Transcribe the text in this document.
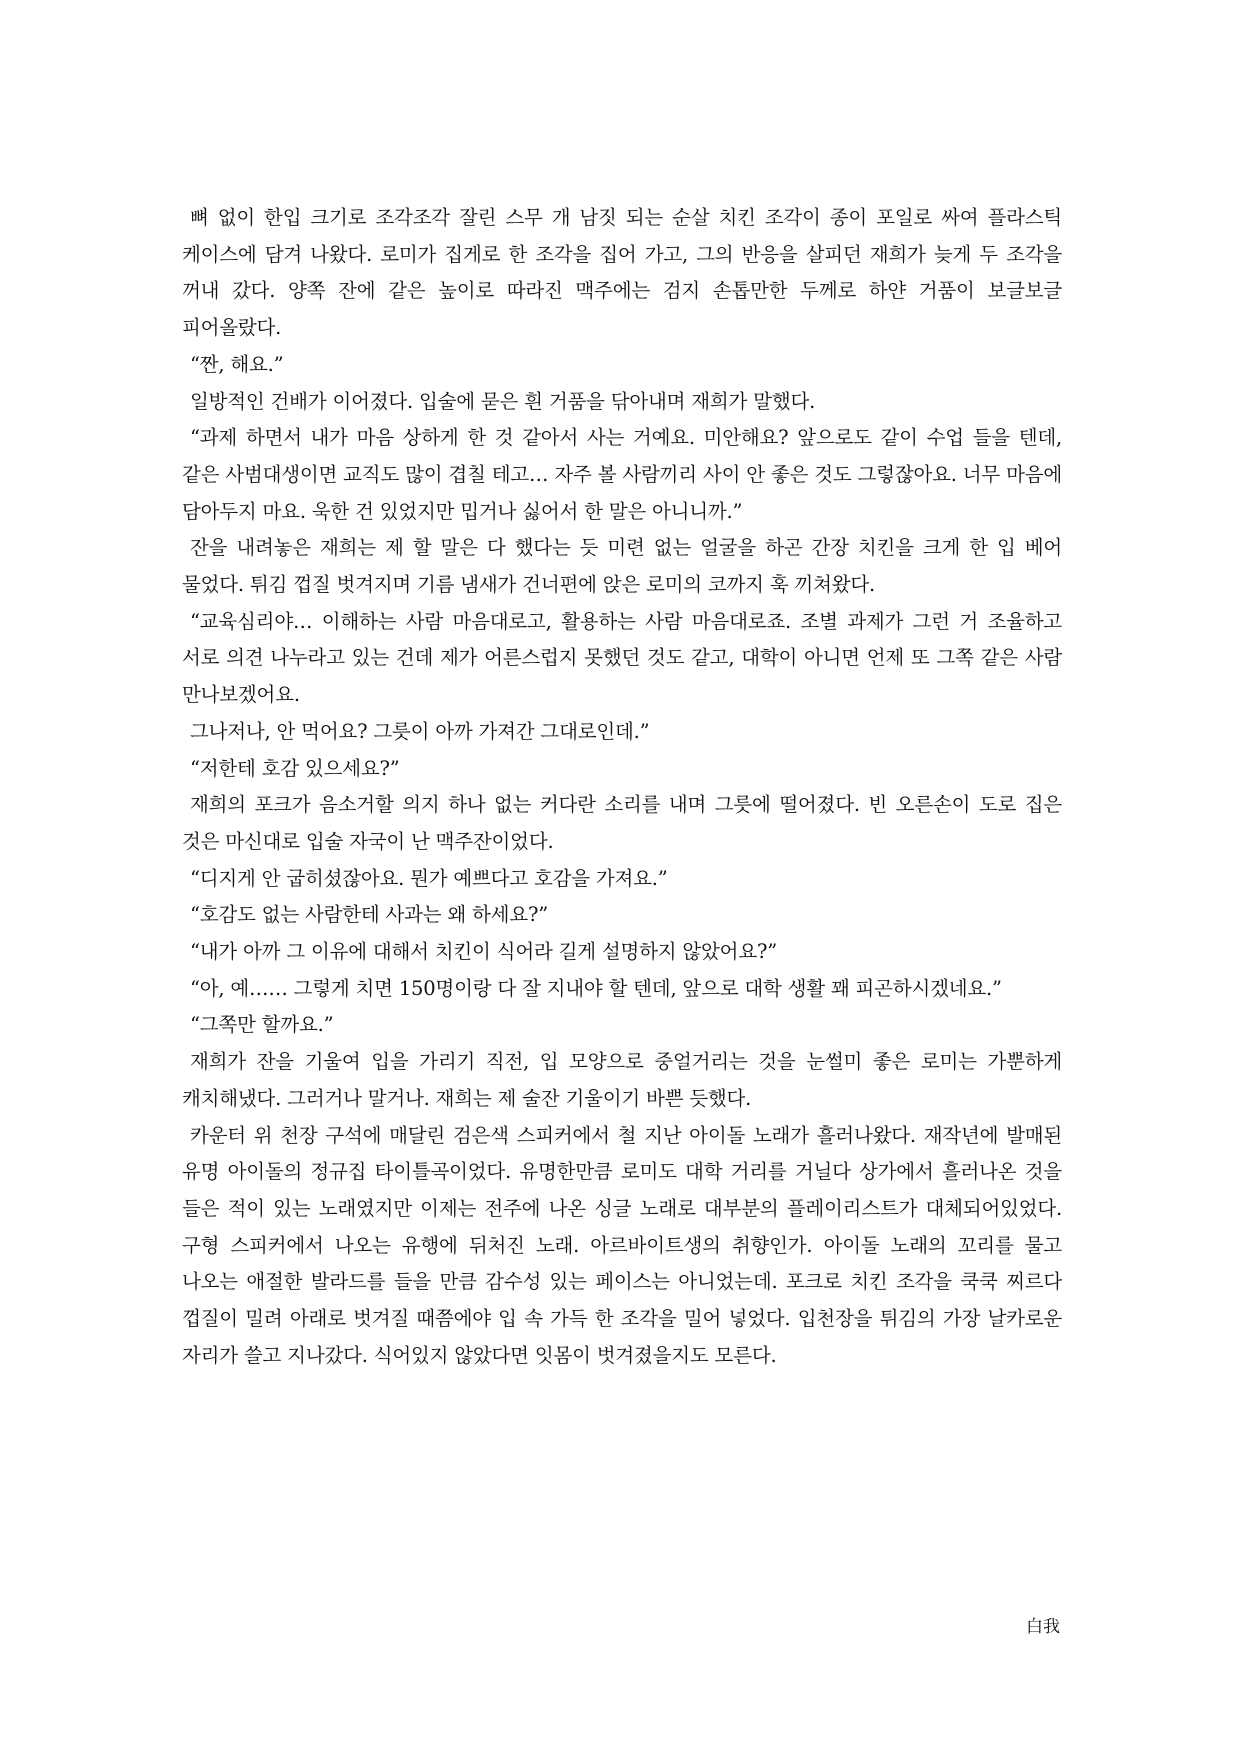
뼈 없이 한입 크기로 조각조각 잘린 스무 개 남짓 되는 순살 치킨 조각이 종이 포일로 싸여 플라스틱 케이스에 담겨 나왔다. 로미가 집게로 한 조각을 집어 가고, 그의 반응을 살피던 재희가 늦게 두 조각을 꺼내 갔다. 양쪽 잔에 같은 높이로 따라진 맥주에는 검지 손톱만한 두께로 하얀 거품이 보글보글 피어올랐다.

“짠, 해요.”

일방적인 건배가 이어졌다. 입술에 묻은 흰 거품을 닦아내며 재희가 말했다.

“과제 하면서 내가 마음 상하게 한 것 같아서 사는 거예요. 미안해요? 앞으로도 같이 수업 들을 텐데, 같은 사범대생이면 교직도 많이 겹칠 테고… 자주 볼 사람끼리 사이 안 좋은 것도 그렇잖아요. 너무 마음에 담아두지 마요. 욱한 건 있었지만 밉거나 싫어서 한 말은 아니니까.”

잔을 내려놓은 재희는 제 할 말은 다 했다는 듯 미련 없는 얼굴을 하곤 간장 치킨을 크게 한 입 베어 물었다. 튀김 껍질 벗겨지며 기름 냄새가 건너편에 앉은 로미의 코까지 훅 끼쳐왔다.

“교육심리야… 이해하는 사람 마음대로고, 활용하는 사람 마음대로죠. 조별 과제가 그런 거 조율하고 서로 의견 나누라고 있는 건데 제가 어른스럽지 못했던 것도 같고, 대학이 아니면 언제 또 그쪽 같은 사람 만나보겠어요.

그나저나, 안 먹어요? 그릇이 아까 가져간 그대로인데.”

“저한테 호감 있으세요?”

재희의 포크가 음소거할 의지 하나 없는 커다란 소리를 내며 그릇에 떨어졌다. 빈 오른손이 도로 집은 것은 마신대로 입술 자국이 난 맥주잔이었다.

“디지게 안 굽히셨잖아요. 뭔가 예쁘다고 호감을 가져요.”

“호감도 없는 사람한테 사과는 왜 하세요?”

“내가 아까 그 이유에 대해서 치킨이 식어라 길게 설명하지 않았어요?”

“아, 예…… 그렇게 치면 150명이랑 다 잘 지내야 할 텐데, 앞으로 대학 생활 꽤 피곤하시겠네요.”

“그쪽만 할까요.”

재희가 잔을 기울여 입을 가리기 직전, 입 모양으로 중얼거리는 것을 눈썰미 좋은 로미는 가뿐하게 캐치해냈다. 그러거나 말거나. 재희는 제 술잔 기울이기 바쁜 듯했다.

카운터 위 천장 구석에 매달린 검은색 스피커에서 철 지난 아이돌 노래가 흘러나왔다. 재작년에 발매된 유명 아이돌의 정규집 타이틀곡이었다. 유명한만큼 로미도 대학 거리를 거닐다 상가에서 흘러나온 것을 들은 적이 있는 노래였지만 이제는 전주에 나온 싱글 노래로 대부분의 플레이리스트가 대체되어있었다. 구형 스피커에서 나오는 유행에 뒤처진 노래. 아르바이트생의 취향인가. 아이돌 노래의 꼬리를 물고 나오는 애절한 발라드를 들을 만큼 감수성 있는 페이스는 아니었는데. 포크로 치킨 조각을 쿡쿡 찌르다 껍질이 밀려 아래로 벗겨질 때쯤에야 입 속 가득 한 조각을 밀어 넣었다. 입천장을 튀김의 가장 날카로운 자리가 쓸고 지나갔다. 식어있지 않았다면 잇몸이 벗겨졌을지도 모른다.

白我
